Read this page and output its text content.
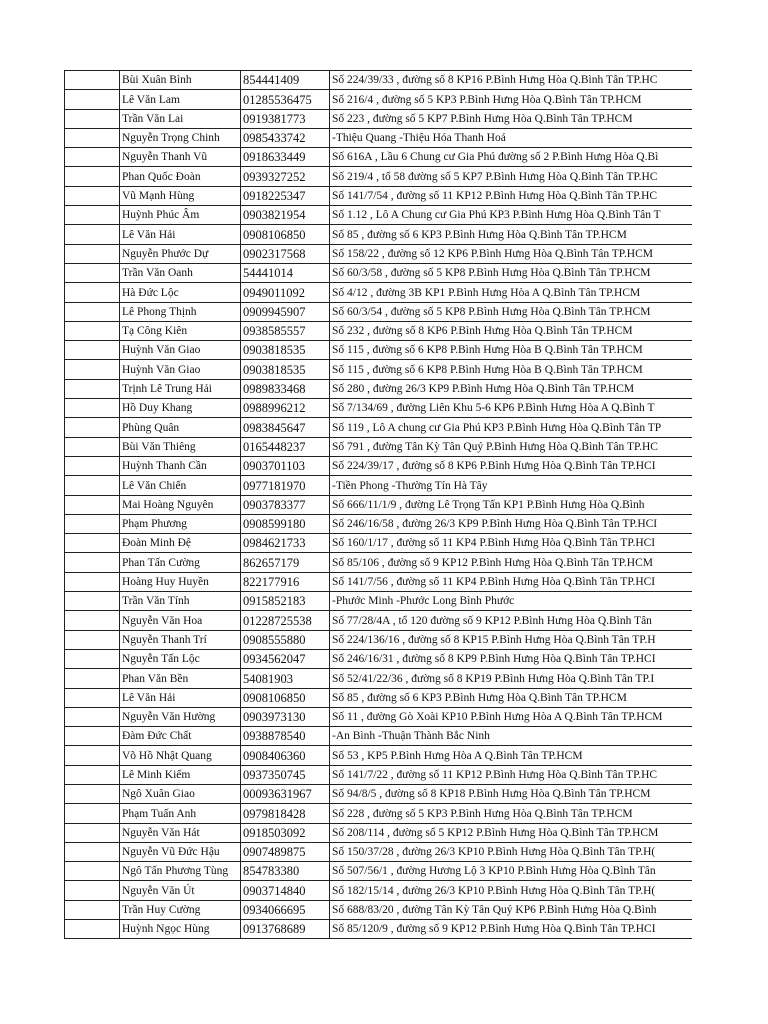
	Bùi Xuân Bình	854441409	Số 224/39/33 , đường số 8 KP16 P.Bình Hưng Hòa Q.Bình Tân TP.HC
	Lê Văn Lam	01285536475	Số 216/4 , đường số 5 KP3 P.Bình Hưng Hòa Q.Bình Tân TP.HCM
	Trần Văn Lai	0919381773	Số 223 , đường số 5 KP7 P.Bình Hưng Hòa Q.Bình Tân TP.HCM
	Nguyễn Trọng Chinh	0985433742	-Thiệu Quang -Thiệu Hóa Thanh Hoá
	Nguyễn Thanh Vũ	0918633449	Số 616A , Lầu 6 Chung cư Gia Phú đường số 2 P.Bình Hưng Hòa Q.Bì
	Phan Quốc Đoàn	0939327252	Số 219/4 , tổ 58 đường số 5 KP7 P.Bình Hưng Hòa Q.Bình Tân TP.HC
	Vũ Mạnh Hùng	0918225347	Số 141/7/54 , đường số 11 KP12 P.Bình Hưng Hòa Q.Bình Tân TP.HC
	Huỳnh Phúc Âm	0903821954	Số 1.12 , Lô A Chung cư Gia Phú KP3 P.Bình Hưng Hòa Q.Bình Tân T
	Lê Văn Hải	0908106850	Số 85 , đường số 6 KP3 P.Bình Hưng Hòa Q.Bình Tân TP.HCM
	Nguyễn Phước Dự	0902317568	Số 158/22 , đường số 12 KP6 P.Bình Hưng Hòa Q.Bình Tân TP.HCM
	Trần Văn Oanh	54441014	Số 60/3/58 , đường số 5 KP8 P.Bình Hưng Hòa Q.Bình Tân TP.HCM
	Hà Đức Lộc	0949011092	Số 4/12 , đường 3B KP1 P.Bình Hưng Hòa A Q.Bình Tân TP.HCM
	Lê Phong Thịnh	0909945907	Số 60/3/54 , đường số 5 KP8 P.Bình Hưng Hòa Q.Bình Tân TP.HCM
	Tạ Công Kiên	0938585557	Số 232 , đường số 8 KP6 P.Bình Hưng Hòa Q.Bình Tân TP.HCM
	Huỳnh Văn Giao	0903818535	Số 115 , đường số 6 KP8 P.Bình Hưng Hòa B Q.Bình Tân TP.HCM
	Huỳnh Văn Giao	0903818535	Số 115 , đường số 6 KP8 P.Bình Hưng Hòa B Q.Bình Tân TP.HCM
	Trịnh Lê Trung Hải	0989833468	Số 280 , đường 26/3 KP9 P.Bình Hưng Hòa Q.Bình Tân TP.HCM
	Hồ Duy Khang	0988996212	Số 7/134/69 , đường Liên Khu 5-6 KP6 P.Bình Hưng Hòa A Q.Bình T
	Phùng Quân	0983845647	Số 119 , Lô A chung cư Gia Phú KP3 P.Bình Hưng Hòa Q.Bình Tân TP
	Bùi Văn Thiêng	0165448237	Số 791 , đường Tân Kỳ Tân Quý P.Bình Hưng Hòa Q.Bình Tân TP.HC
	Huỳnh Thanh Cần	0903701103	Số 224/39/17 , đường số 8 KP6 P.Bình Hưng Hòa Q.Bình Tân TP.HCI
	Lê Văn Chiến	0977181970	-Tiền Phong -Thường Tín Hà Tây
	Mai Hoàng Nguyên	0903783377	Số 666/11/1/9 , đường Lê Trọng Tấn KP1 P.Bình Hưng Hòa Q.Bình
	Phạm Phương	0908599180	Số 246/16/58 , đường 26/3 KP9 P.Bình Hưng Hòa Q.Bình Tân TP.HCI
	Đoàn Minh Đệ	0984621733	Số 160/1/17 , đường số 11 KP4 P.Bình Hưng Hòa Q.Bình Tân TP.HCI
	Phan Tấn Cường	862657179	Số 85/106 , đường số 9 KP12 P.Bình Hưng Hòa Q.Bình Tân TP.HCM
	Hoàng Huy Huyền	822177916	Số 141/7/56 , đường số 11 KP4 P.Bình Hưng Hòa Q.Bình Tân TP.HCI
	Trần Văn Tính	0915852183	-Phước Minh -Phước Long Bình Phước
	Nguyễn Văn Hoa	01228725538	Số 77/28/4A , tổ 120 đường số 9 KP12 P.Bình Hưng Hòa Q.Bình Tân
	Nguyễn Thanh Trí	0908555880	Số 224/136/16 , đường số 8 KP15 P.Bình Hưng Hòa Q.Bình Tân TP.H
	Nguyễn Tấn Lộc	0934562047	Số 246/16/31 , đường số 8 KP9 P.Bình Hưng Hòa Q.Bình Tân TP.HCI
	Phan Văn Bền	54081903	Số 52/41/22/36 , đường số 8 KP19 P.Bình Hưng Hòa Q.Bình Tân TP.I
	Lê Văn Hải	0908106850	Số 85 , đường số 6 KP3 P.Bình Hưng Hòa Q.Bình Tân TP.HCM
	Nguyễn Văn Hường	0903973130	Số 11 , đường Gò Xoài KP10 P.Bình Hưng Hòa A Q.Bình Tân TP.HCM
	Đàm Đức Chất	0938878540	-An Bình -Thuận Thành Bắc Ninh
	Võ Hồ Nhật Quang	0908406360	Số 53 , KP5 P.Bình Hưng Hòa A Q.Bình Tân TP.HCM
	Lê Minh Kiếm	0937350745	Số 141/7/22 , đường số 11 KP12 P.Bình Hưng Hòa Q.Bình Tân TP.HC
	Ngô Xuân Giao	00093631967	Số 94/8/5 , đường số 8 KP18 P.Bình Hưng Hòa Q.Bình Tân TP.HCM
	Phạm Tuấn Anh	0979818428	Số 228 , đường số 5 KP3 P.Bình Hưng Hòa Q.Bình Tân TP.HCM
	Nguyễn Văn Hát	0918503092	Số 208/114 , đường số 5 KP12 P.Bình Hưng Hòa Q.Bình Tân TP.HCM
	Nguyễn Vũ Đức Hậu	0907489875	Số 150/37/28 , đường 26/3 KP10 P.Bình Hưng Hòa Q.Bình Tân TP.H(
	Ngô Tấn Phương Tùng	854783380	Số 507/56/1 , đường Hương Lộ 3 KP10 P.Bình Hưng Hòa Q.Bình Tân
	Nguyễn Văn Út	0903714840	Số 182/15/14 , đường 26/3 KP10 P.Bình Hưng Hòa Q.Bình Tân TP.H(
	Trần Huy Cường	0934066695	Số 688/83/20 , đường Tân Kỳ Tân Quý KP6 P.Bình Hưng Hòa Q.Bình
	Huỳnh Ngọc Hùng	0913768689	Số 85/120/9 , đường số 9 KP12 P.Bình Hưng Hòa Q.Bình Tân TP.HCI
